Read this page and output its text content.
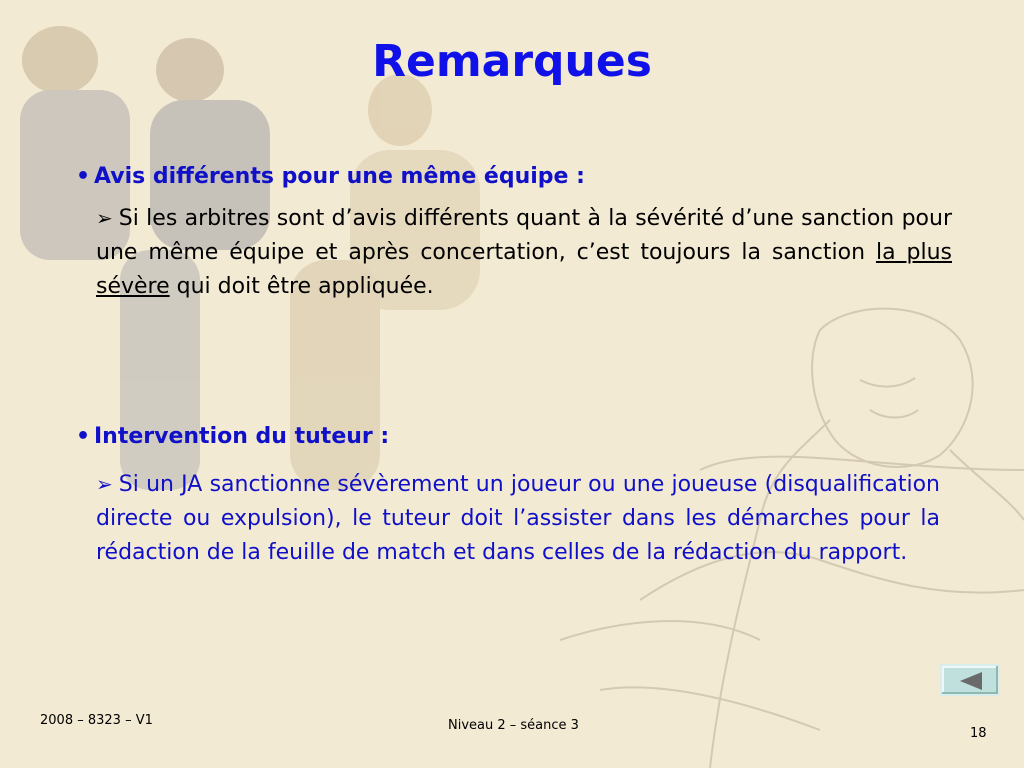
Remarques
• Avis différents pour une même équipe :
➢ Si les arbitres sont d’avis différents quant à la sévérité d’une sanction pour une même équipe et après concertation, c’est toujours la sanction la plus sévère qui doit être appliquée.
• Intervention du tuteur :
➢ Si un JA sanctionne sévèrement un joueur ou une joueuse (disqualification directe ou expulsion), le tuteur doit l’assister dans les démarches pour la rédaction de la feuille de match et dans celles de la rédaction du rapport.
2008 – 8323 – V1	Niveau 2 – séance 3
18
